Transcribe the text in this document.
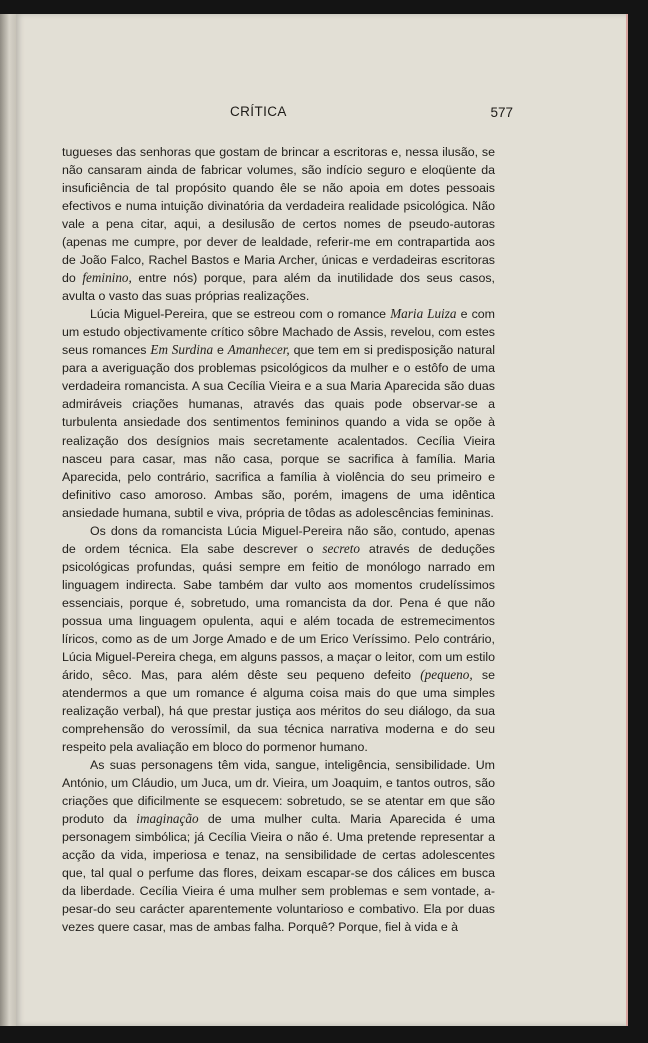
CRÍTICA	577

tugueses das senhoras que gostam de brincar a escritoras e, nessa ilusão, se não cansaram ainda de fabricar volumes, são indício seguro e eloqüente da insuficiência de tal propósito quando êle se não apoia em dotes pessoais efectivos e numa intuição divinatória da verdadeira realidade psicológica. Não vale a pena citar, aqui, a desilusão de certos nomes de pseudo-autoras (apenas me cumpre, por dever de lealdade, referir-me em contrapartida aos de João Falco, Rachel Bastos e Maria Archer, únicas e verdadeiras escritoras do feminino, entre nós) porque, para além da inutilidade dos seus casos, avulta o vasto das suas próprias realizações.

Lúcia Miguel-Pereira, que se estreou com o romance Maria Luiza e com um estudo objectivamente crítico sôbre Machado de Assis, revelou, com estes seus romances Em Surdina e Amanhecer, que tem em si predisposição natural para a averiguação dos problemas psicológicos da mulher e o estôfo de uma verdadeira romancista. A sua Cecília Vieira e a sua Maria Aparecida são duas admiráveis criações humanas, através das quais pode observar-se a turbulenta ansiedade dos sentimentos femininos quando a vida se opõe à realização dos desígnios mais secretamente acalentados. Cecília Vieira nasceu para casar, mas não casa, porque se sacrifica à família. Maria Aparecida, pelo contrário, sacrifica a família à violência do seu primeiro e definitivo caso amoroso. Ambas são, porém, imagens de uma idêntica ansiedade humana, subtil e viva, própria de tôdas as adolescências femininas.

Os dons da romancista Lúcia Miguel-Pereira não são, contudo, apenas de ordem técnica. Ela sabe descrever o secreto através de deduções psicológicas profundas, quási sempre em feitio de monólogo narrado em linguagem indirecta. Sabe também dar vulto aos momentos crudelíssimos essenciais, porque é, sobretudo, uma romancista da dor. Pena é que não possua uma linguagem opulenta, aqui e além tocada de estremecimentos líricos, como as de um Jorge Amado e de um Erico Veríssimo. Pelo contrário, Lúcia Miguel-Pereira chega, em alguns passos, a maçar o leitor, com um estilo árido, sêco. Mas, para além dêste seu pequeno defeito (pequeno, se atendermos a que um romance é alguma coisa mais do que uma simples realização verbal), há que prestar justiça aos méritos do seu diálogo, da sua comprehensão do verossímil, da sua técnica narrativa moderna e do seu respeito pela avaliação em bloco do pormenor humano.

As suas personagens têm vida, sangue, inteligência, sensibilidade. Um António, um Cláudio, um Juca, um dr. Vieira, um Joaquim, e tantos outros, são criações que dificilmente se esquecem: sobretudo, se se atentar em que são produto da imaginação de uma mulher culta. Maria Aparecida é uma personagem simbólica; já Cecília Vieira o não é. Uma pretende representar a acção da vida, imperiosa e tenaz, na sensibilidade de certas adolescentes que, tal qual o perfume das flores, deixam escapar-se dos cálices em busca da liberdade. Cecília Vieira é uma mulher sem problemas e sem vontade, a-pesar-do seu carácter aparentemente voluntarioso e combativo. Ela por duas vezes quere casar, mas de ambas falha. Porquê? Porque, fiel à vida e à
